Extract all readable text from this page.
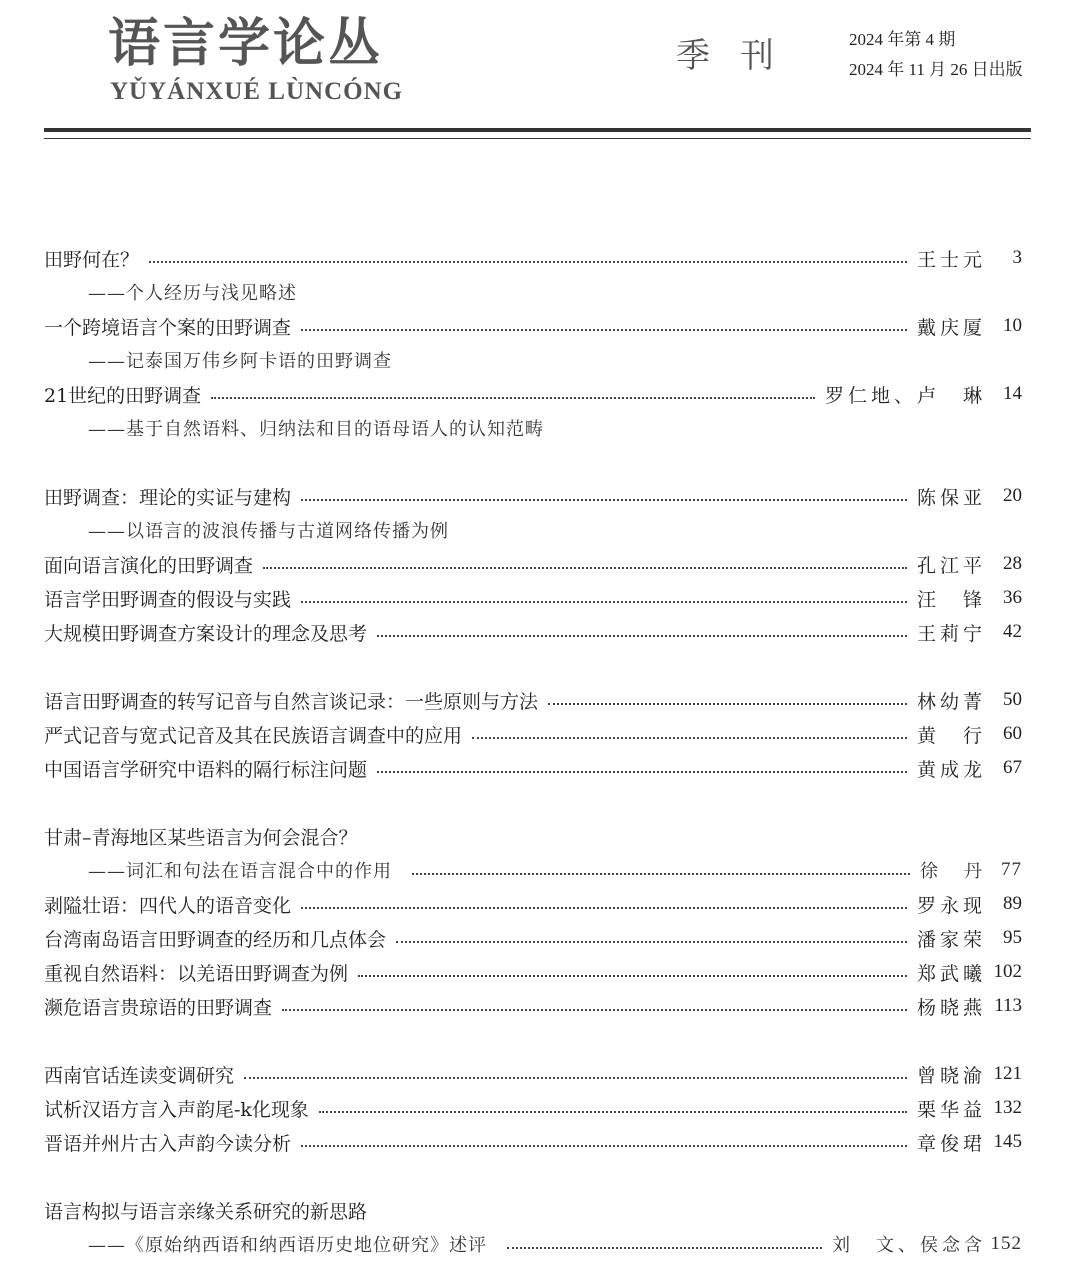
语言学论丛
YǓYÁNXUÉ LÙNCÓNG
季刊	2024 年第 4 期
2024 年 11 月 26 日出版
田野何在？	王士元	3
——个人经历与浅见略述
一个跨境语言个案的田野调查	戴庆厦 10
——记泰国万伟乡阿卡语的田野调查
21世纪的田野调查	罗仁地、卢　琳 14
——基于自然语料、归纳法和目的语母语人的认知范畴
田野调查：理论的实证与建构	陈保亚 20
——以语言的波浪传播与古道网络传播为例
面向语言演化的田野调查	孔江平 28
语言学田野调查的假设与实践	汪　锋 36
大规模田野调查方案设计的理念及思考	王莉宁 42
语言田野调查的转写记音与自然言谈记录：一些原则与方法	林幼菁 50
严式记音与宽式记音及其在民族语言调查中的应用	黄　行 60
中国语言学研究中语料的隔行标注问题	黄成龙 67
甘肃–青海地区某些语言为何会混合？
——词汇和句法在语言混合中的作用	徐　丹 77
剥隘壮语：四代人的语音变化	罗永现 89
台湾南岛语言田野调查的经历和几点体会	潘家荣 95
重视自然语料：以羌语田野调查为例	郑武曦 102
濒危语言贵琼语的田野调查	杨晓燕 113
西南官话连读变调研究	曾晓渝 121
试析汉语方言入声韵尾-k化现象	栗华益 132
晋语并州片古入声韵今读分析	章俊珺 145
语言构拟与语言亲缘关系研究的新思路
——《原始纳西语和纳西语历史地位研究》述评	刘　文、侯念含 152
